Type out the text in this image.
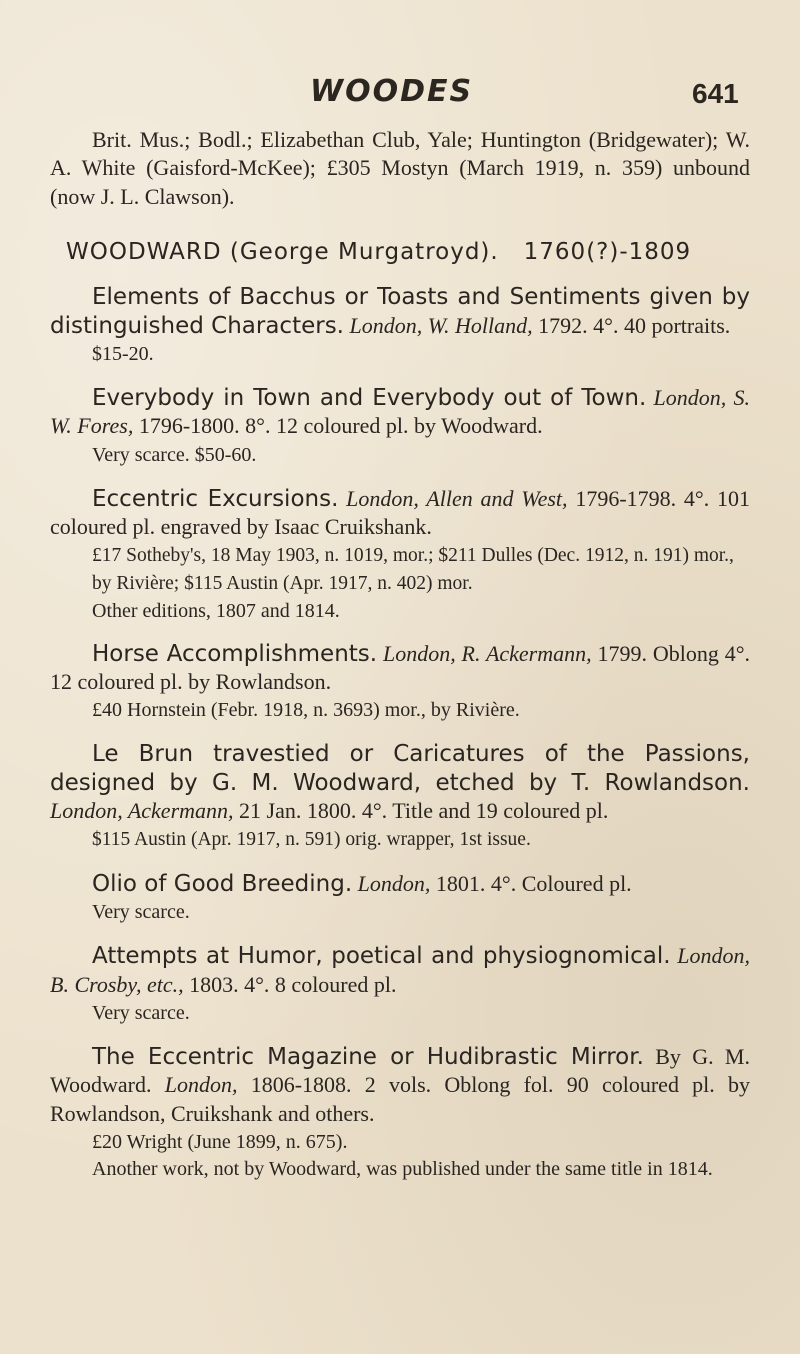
WOODES	641

Brit. Mus.; Bodl.; Elizabethan Club, Yale; Huntington (Bridgewater); W. A. White (Gaisford-McKee); £305 Mostyn (March 1919, n. 359) unbound (now J. L. Clawson).

WOODWARD (George Murgatroyd). 1760(?)-1809

Elements of Bacchus or Toasts and Sentiments given by distinguished Characters. London, W. Holland, 1792. 4°. 40 portraits.

$15-20.

Everybody in Town and Everybody out of Town. London, S. W. Fores, 1796-1800. 8°. 12 coloured pl. by Woodward.

Very scarce. $50-60.

Eccentric Excursions. London, Allen and West, 1796-1798. 4°. 101 coloured pl. engraved by Isaac Cruikshank.

£17 Sotheby's, 18 May 1903, n. 1019, mor.; $211 Dulles (Dec. 1912, n. 191) mor., by Rivière; $115 Austin (Apr. 1917, n. 402) mor.

Other editions, 1807 and 1814.

Horse Accomplishments. London, R. Ackermann, 1799. Oblong 4°. 12 coloured pl. by Rowlandson.

£40 Hornstein (Febr. 1918, n. 3693) mor., by Rivière.

Le Brun travestied or Caricatures of the Passions, designed by G. M. Woodward, etched by T. Rowlandson. London, Ackermann, 21 Jan. 1800. 4°. Title and 19 coloured pl.

$115 Austin (Apr. 1917, n. 591) orig. wrapper, 1st issue.

Olio of Good Breeding. London, 1801. 4°. Coloured pl.

Very scarce.

Attempts at Humor, poetical and physiognomical. London, B. Crosby, etc., 1803. 4°. 8 coloured pl.

Very scarce.

The Eccentric Magazine or Hudibrastic Mirror. By G. M. Woodward. London, 1806-1808. 2 vols. Oblong fol. 90 coloured pl. by Rowlandson, Cruikshank and others.

£20 Wright (June 1899, n. 675).

Another work, not by Woodward, was published under the same title in 1814.
